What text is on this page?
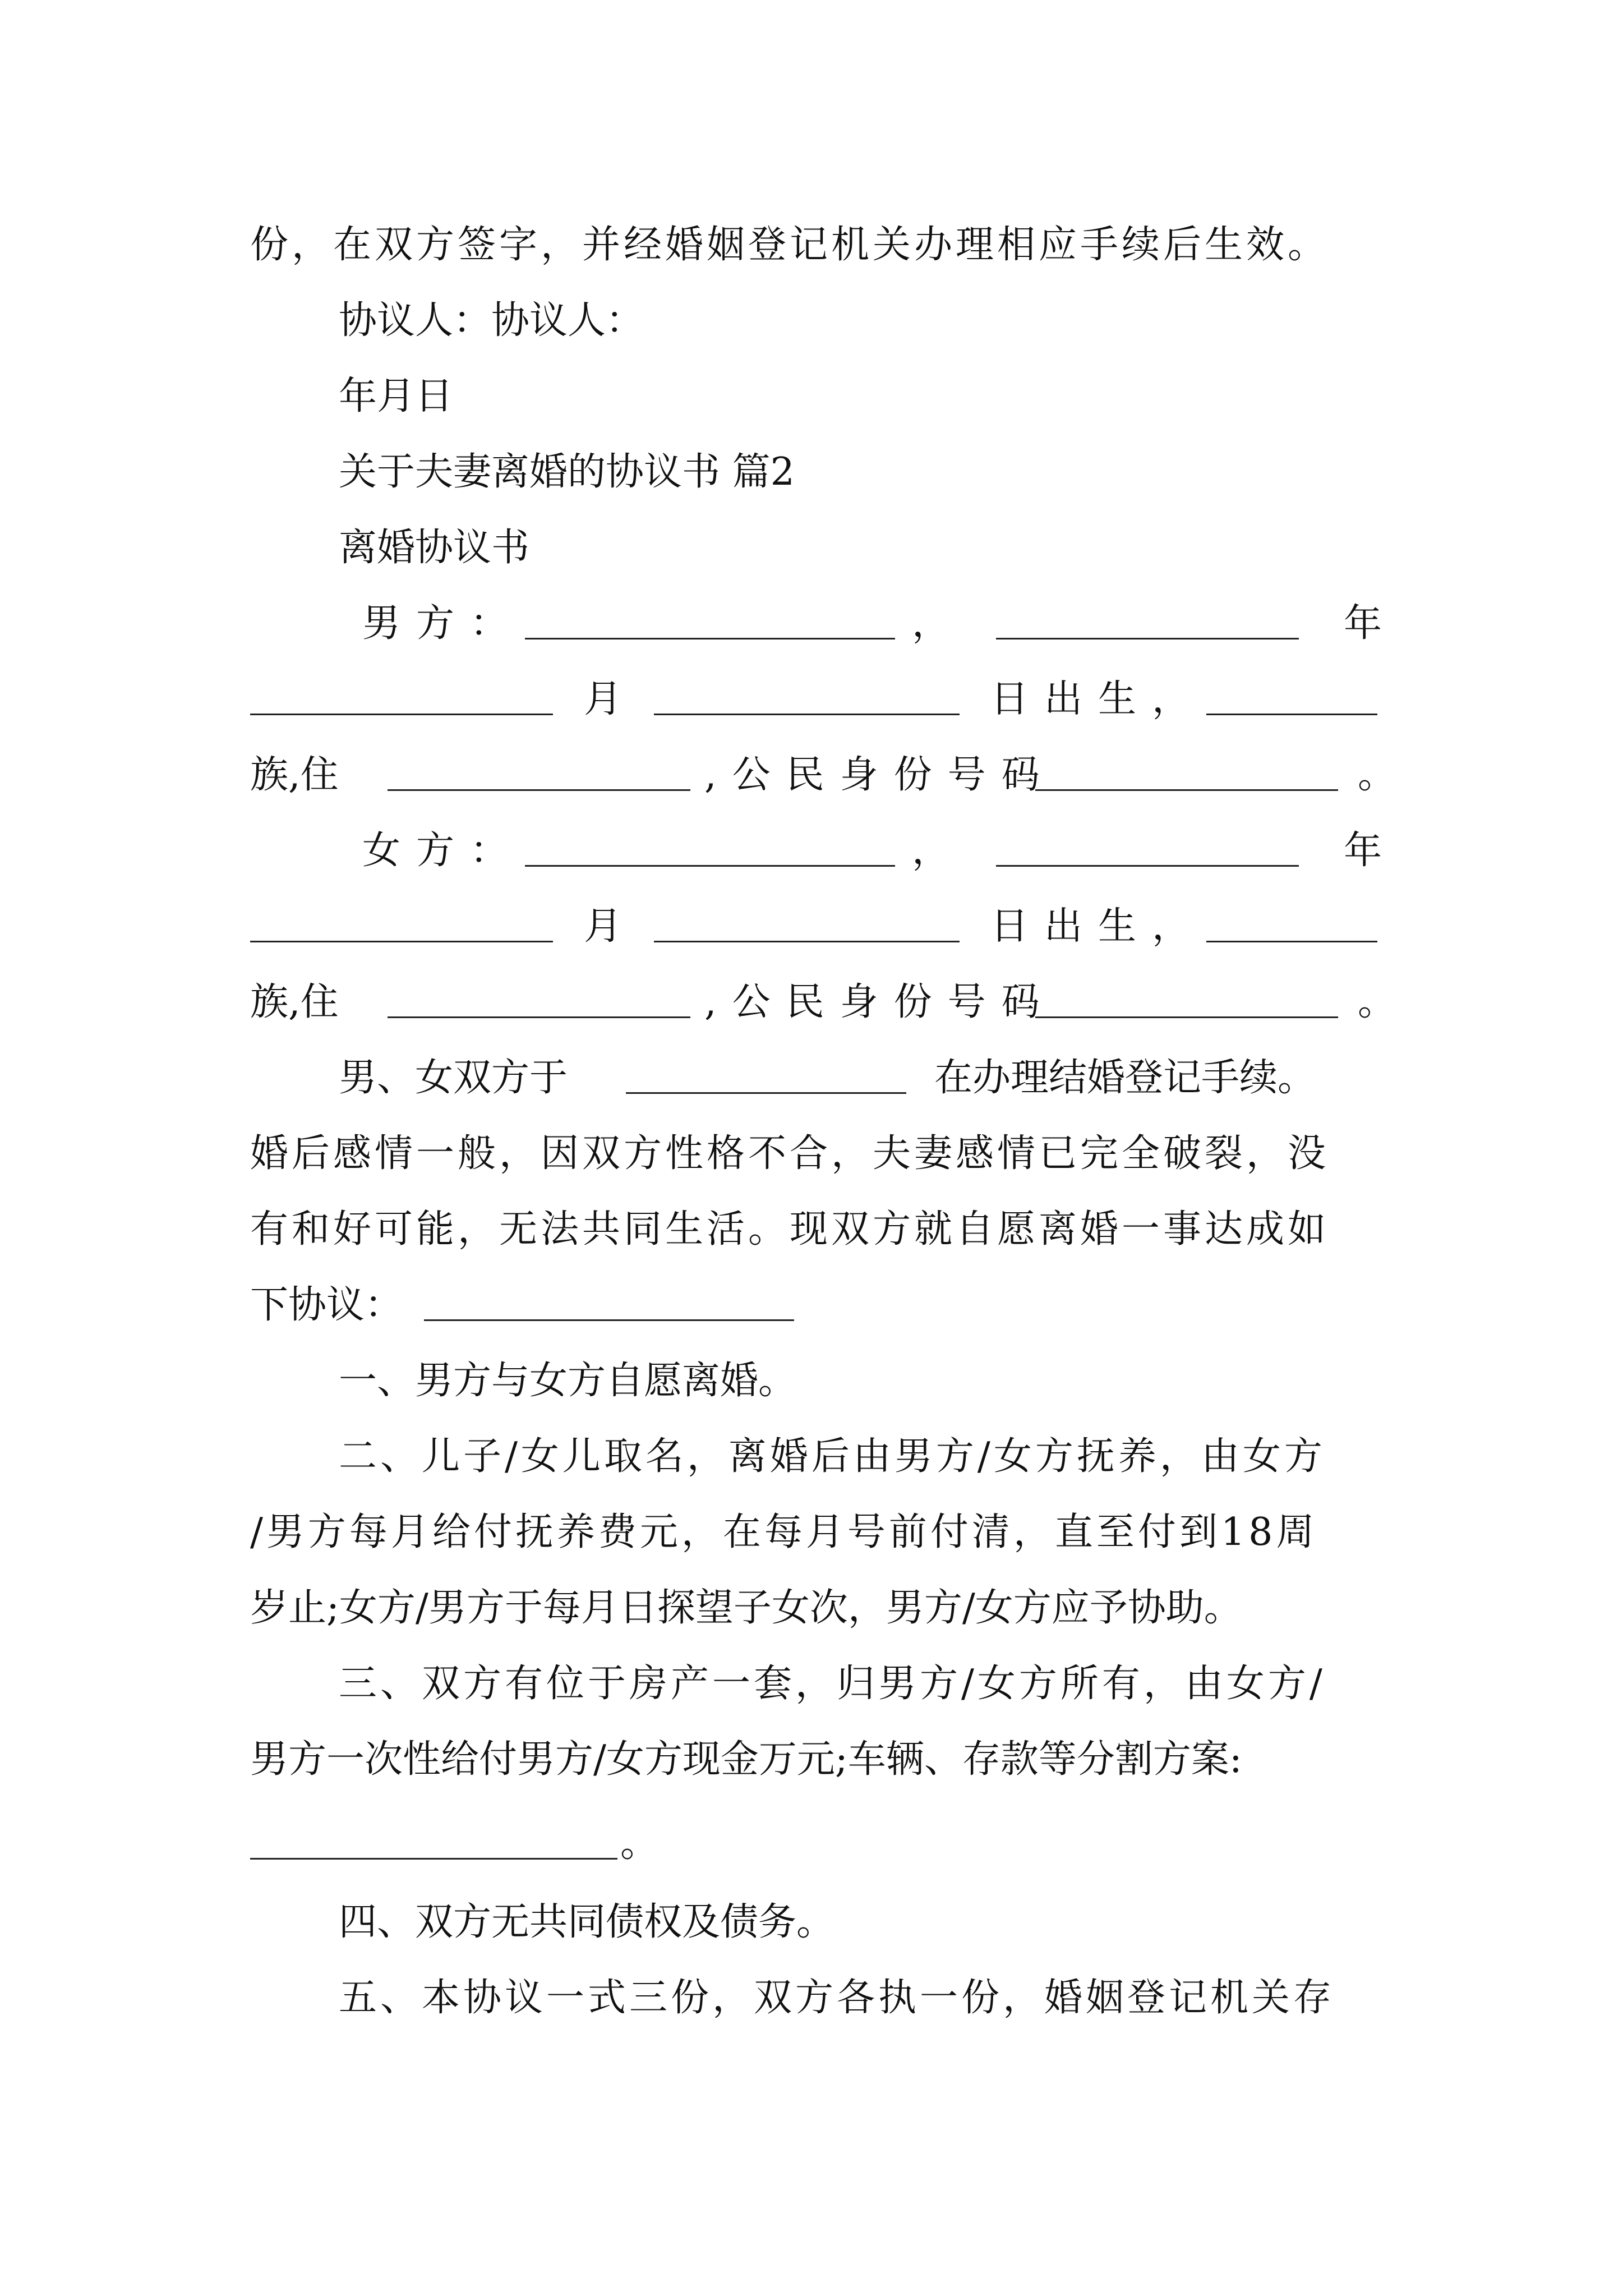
份，在双方签字，并经婚姻登记机关办理相应手续后生效。
协议人：协议人：
年月日
关于夫妻离婚的协议书 篇2
离婚协议书
男方：	，	年
月	日出生，
族,住	,公民身份号码	。
女方：	，	年
月	日出生，
族,住	,公民身份号码	。
男、女双方于	在办理结婚登记手续。
婚后感情一般，因双方性格不合，夫妻感情已完全破裂，没
有和好可能，无法共同生活。现双方就自愿离婚一事达成如
下协议：
一、男方与女方自愿离婚。
二、儿子/女儿取名，离婚后由男方/女方抚养，由女方
/男方每月给付抚养费元，在每月号前付清，直至付到18周
岁止;女方/男方于每月日探望子女次，男方/女方应予协助。
三、双方有位于房产一套，归男方/女方所有，由女方/
男方一次性给付男方/女方现金万元;车辆、存款等分割方案:
。
四、双方无共同债权及债务。
五、本协议一式三份，双方各执一份，婚姻登记机关存
